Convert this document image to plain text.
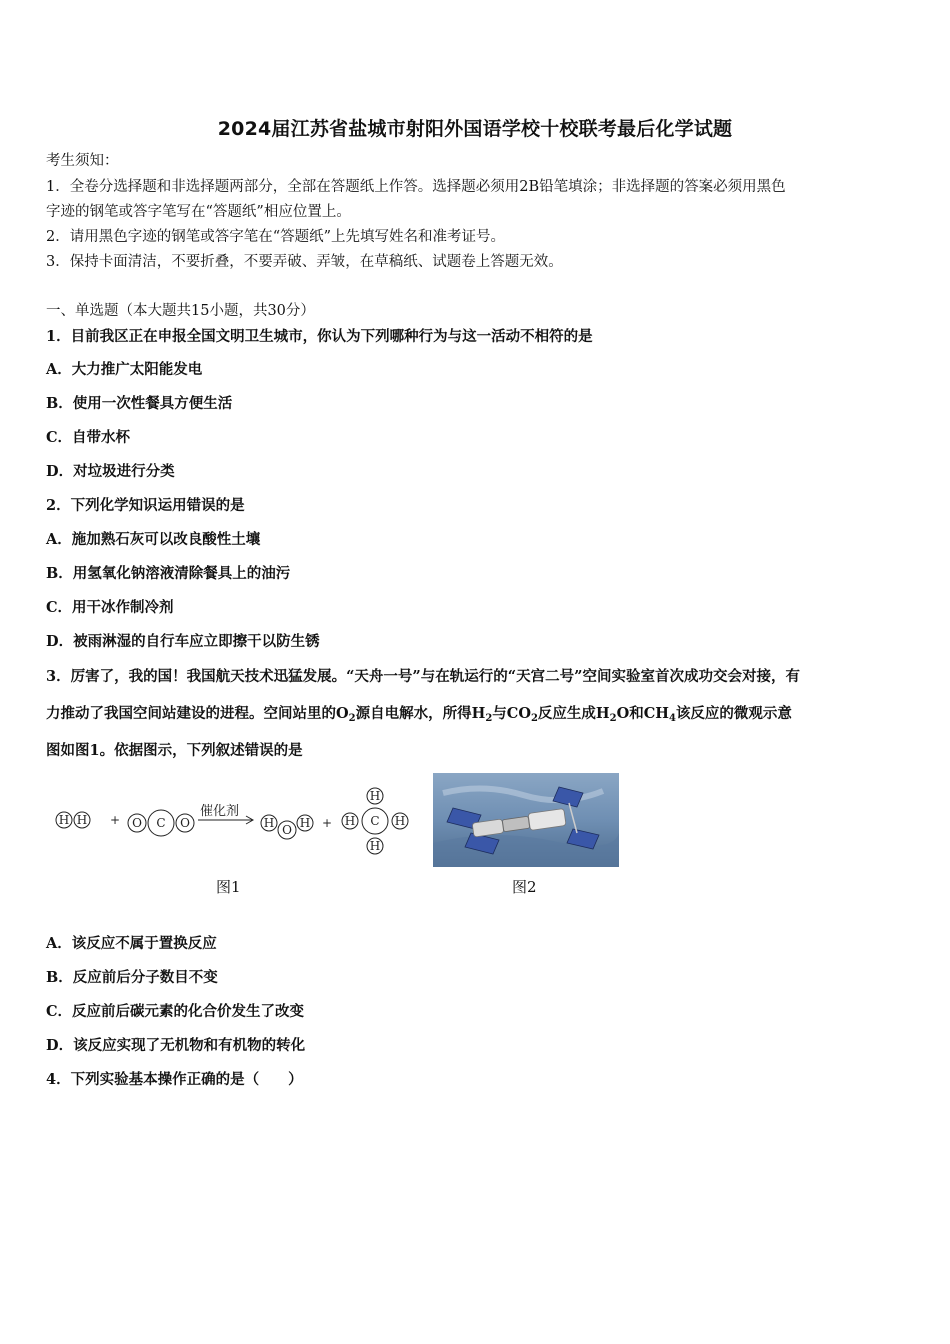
2024届江苏省盐城市射阳外国语学校十校联考最后化学试题
考生须知：
1．全卷分选择题和非选择题两部分，全部在答题纸上作答。选择题必须用2B铅笔填涂；非选择题的答案必须用黑色
字迹的钢笔或答字笔写在“答题纸”相应位置上。
2．请用黑色字迹的钢笔或答字笔在“答题纸”上先填写姓名和准考证号。
3．保持卡面清洁，不要折叠，不要弄破、弄皱，在草稿纸、试题卷上答题无效。
一、单选题（本大题共15小题，共30分）
1．目前我区正在申报全国文明卫生城市，你认为下列哪种行为与这一活动不相符的是
A．大力推广太阳能发电
B．使用一次性餐具方便生活
C．自带水杯
D．对垃圾进行分类
2．下列化学知识运用错误的是
A．施加熟石灰可以改良酸性土壤
B．用氢氧化钠溶液清除餐具上的油污
C．用干冰作制冷剂
D．被雨淋湿的自行车应立即擦干以防生锈
3．厉害了，我的国！我国航天技术迅猛发展。“天舟一号”与在轨运行的“天宫二号”空间实验室首次成功交会对接，有
力推动了我国空间站建设的进程。空间站里的$O_2$源自电解水，所得$H_2$与$CO_2$反应生成$H_2O$和$CH_4$该反应的微观示意
图如图1。依据图示，下列叙述错误的是
H H + O C O
催化剂
H O H +
H
H C H
H
图1	图2
A．该反应不属于置换反应
B．反应前后分子数目不变
C．反应前后碳元素的化合价发生了改变
D．该反应实现了无机物和有机物的转化
4．下列实验基本操作正确的是（　　）
